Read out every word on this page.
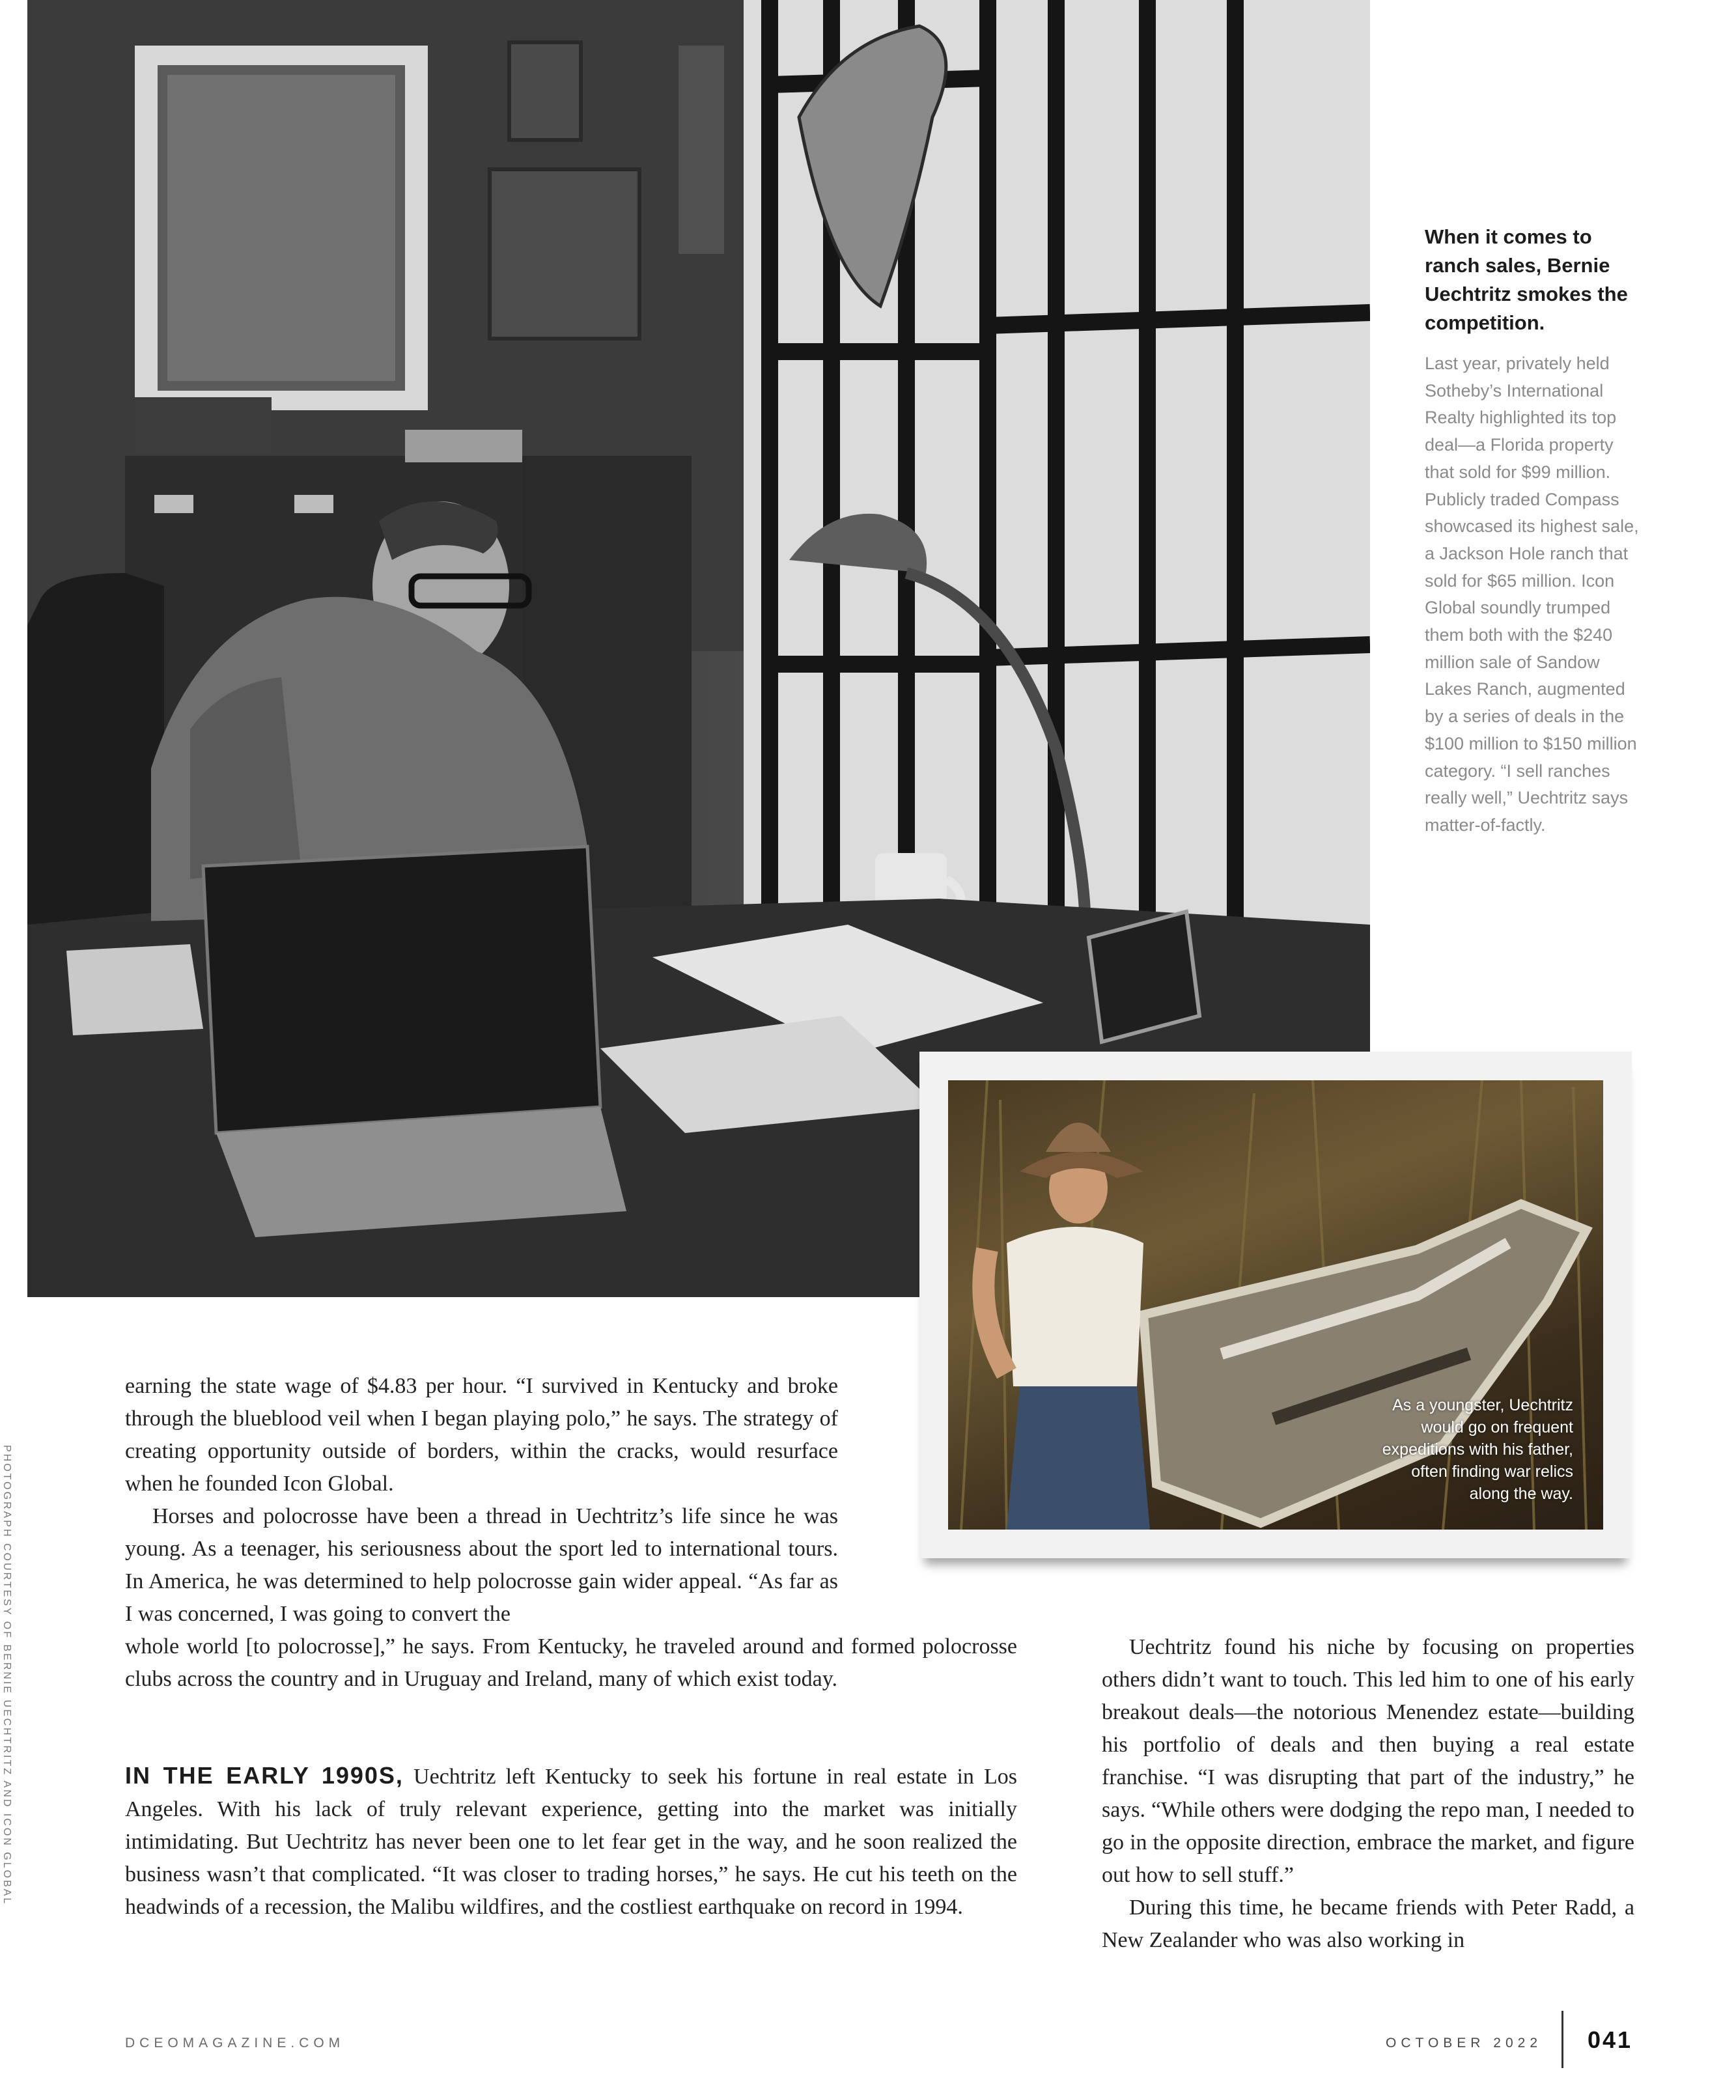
PHOTOGRAPH COURTESY OF BERNIE UECHTRITZ AND ICON GLOBAL

When it comes to ranch sales, Bernie Uechtritz smokes the competition.

Last year, privately held Sotheby’s International Realty highlighted its top deal—a Florida property that sold for $99 million. Publicly traded Compass showcased its highest sale, a Jackson Hole ranch that sold for $65 million. Icon Global soundly trumped them both with the $240 million sale of Sandow Lakes Ranch, augmented by a series of deals in the $100 million to $150 million category. “I sell ranches really well,” Uechtritz says matter-of-factly.

As a youngster, Uechtritz would go on frequent expeditions with his father, often finding war relics along the way.

earning the state wage of $4.83 per hour. “I survived in Kentucky and broke through the blueblood veil when I began playing polo,” he says. The strategy of creating opportunity outside of borders, within the cracks, would resurface when he founded Icon Global.

Horses and polocrosse have been a thread in Uechtritz’s life since he was young. As a teenager, his seriousness about the sport led to international tours. In America, he was determined to help polocrosse gain wider appeal. “As far as I was concerned, I was going to convert the

whole world [to polocrosse],” he says. From Kentucky, he traveled around and formed polocrosse clubs across the country and in Uruguay and Ireland, many of which exist today.

IN THE EARLY 1990S, Uechtritz left Kentucky to seek his fortune in real estate in Los Angeles. With his lack of truly relevant experience, getting into the market was initially intimidating. But Uechtritz has never been one to let fear get in the way, and he soon realized the business wasn’t that complicated. “It was closer to trading horses,” he says. He cut his teeth on the headwinds of a recession, the Malibu wildfires, and the costliest earthquake on record in 1994.

Uechtritz found his niche by focusing on properties others didn’t want to touch. This led him to one of his early breakout deals—the notorious Menendez estate—building his portfolio of deals and then buying a real estate franchise. “I was disrupting that part of the industry,” he says. “While others were dodging the repo man, I needed to go in the opposite direction, embrace the market, and figure out how to sell stuff.”

During this time, he became friends with Peter Radd, a New Zealander who was also working in

DCEOMAGAZINE.COM	OCTOBER 2022 041
